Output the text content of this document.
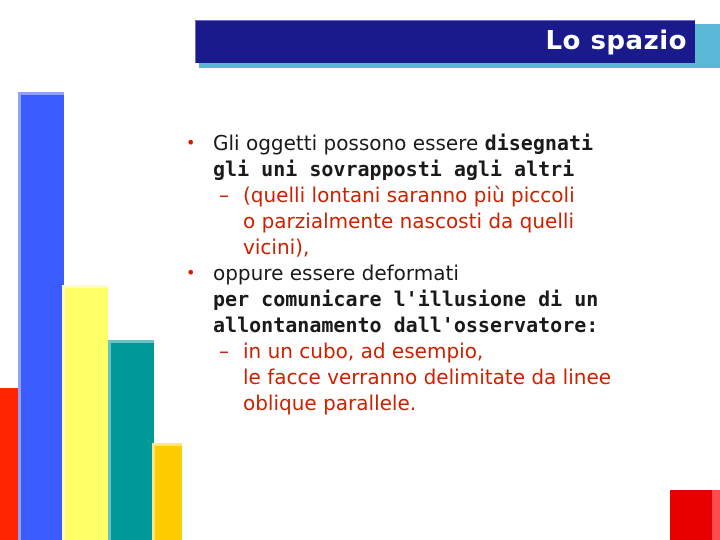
Lo spazio
• Gli oggetti possono essere disegnati
gli uni sovrapposti agli altri
– (quelli lontani saranno più piccoli
o parzialmente nascosti da quelli
vicini),
• oppure essere deformati
per comunicare l'illusione di un
allontanamento dall'osservatore:
– in un cubo, ad esempio,
le facce verranno delimitate da linee
oblique parallele.
